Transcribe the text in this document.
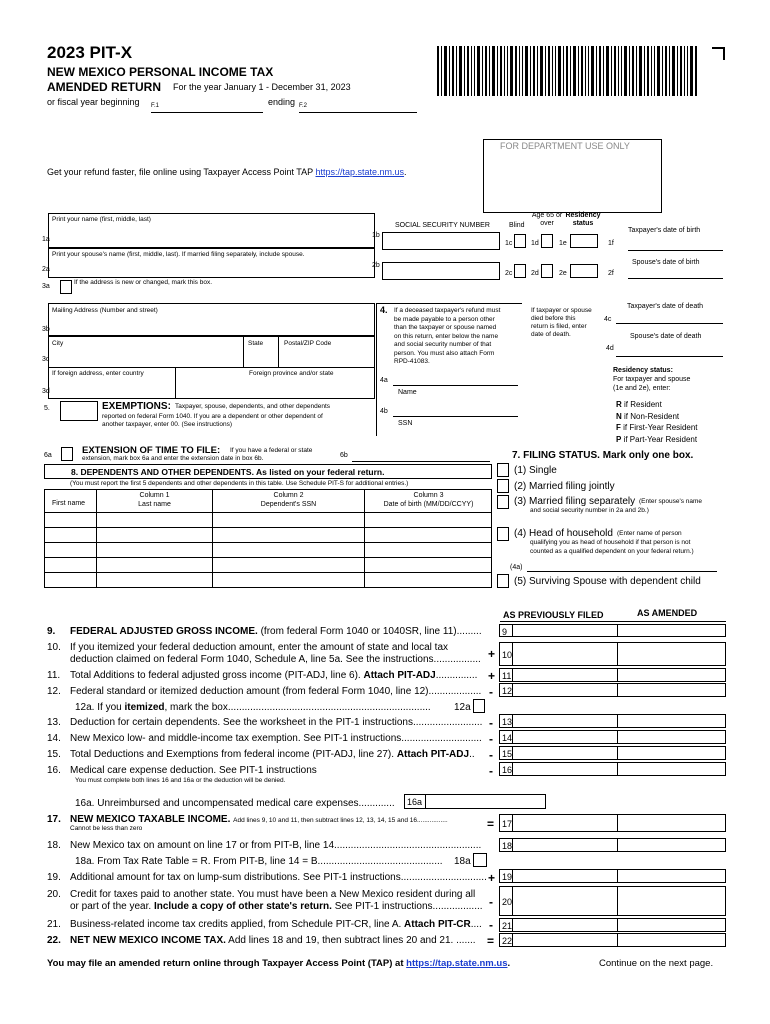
2023 PIT-X
NEW MEXICO PERSONAL INCOME TAX
AMENDED RETURN For the year January 1 - December 31, 2023
or fiscal year beginning F.1	ending F.2
FOR DEPARTMENT USE ONLY
Get your refund faster, file online using Taxpayer Access Point TAP https://tap.state.nm.us.
Print your name (first, middle, last)
1a
1b
SOCIAL SECURITY NUMBER	Blind
Age 65 or over
Residency status
Taxpayer's date of birth
1c	1d	1e	1f
Print your spouse's name (first, middle, last). If married filing separately, include spouse.
2a
2b
2c	2d	2e	2f
Spouse's date of birth
3a
If the address is new or changed, mark this box.
Mailing Address (Number and street)
3b
City	State	Postal/ZIP Code
3c
If foreign address, enter country	Foreign province and/or state
3d
4. If a deceased taxpayer's refund must
be made payable to a person other
than the taxpayer or spouse named
on this return, enter below the name
and social security number of that
person. You must also attach Form
RPD-41083.
If taxpayer or spouse
died before this
return is filed, enter
date of death.
4c
Taxpayer's date of death
Spouse's date of death
4d
4a
Name
4b
SSN
Residency status:
For taxpayer and spouse
(1e and 2e), enter:
R if Resident
N if Non-Resident
F if First-Year Resident
P if Part-Year Resident
5.	EXEMPTIONS: Taxpayer, spouse, dependents, and other dependents
reported on federal Form 1040. If you are a dependent or other dependent of
another taxpayer, enter 00. (See instructions)
6a	EXTENSION OF TIME TO FILE: If you have a federal or state
extension, mark box 6a and enter the extension date in box 6b.	6b
8. DEPENDENTS AND OTHER DEPENDENTS. As listed on your federal return.
(You must report the first 5 dependents and other dependents in this table. Use Schedule PIT-S for additional entries.)
First name
Column 1
Last name
Column 2
Dependent's SSN
Column 3
Date of birth (MM/DD/CCYY)
7. FILING STATUS. Mark only one box.
(1) Single
(2) Married filing jointly
(3) Married filing separately (Enter spouse's name
and social security number in 2a and 2b.)
(4) Head of household (Enter name of person
qualifying you as head of household if that person is not
counted as a qualified dependent on your federal return.)
(4a)
(5) Surviving Spouse with dependent child
AS PREVIOUSLY FILED	AS AMENDED
9
10
11
12
13
14
15
16
17
18
19
20
21
22
9. FEDERAL ADJUSTED GROSS INCOME. (from federal Form 1040 or 1040SR, line 11).........
10. If you itemized your federal deduction amount, enter the amount of state and local tax
deduction claimed on federal Form 1040, Schedule A, line 5a. See the instructions................. +
11. Total Additions to federal adjusted gross income (PIT-ADJ, line 6). Attach PIT-ADJ............... +
12. Federal standard or itemized deduction amount (from federal Form 1040, line 12)................... -
12a. If you itemized, mark the box......................................................................... 12a
13. Deduction for certain dependents. See the worksheet in the PIT-1 instructions......................... -
14. New Mexico low- and middle-income tax exemption. See PIT-1 instructions............................. -
15. Total Deductions and Exemptions from federal income (PIT-ADJ, line 27). Attach PIT-ADJ.. -
16. Medical care expense deduction. See PIT-1 instructions	-
You must complete both lines 16 and 16a or the deduction will be denied.
16a. Unreimbursed and uncompensated medical care expenses............. 16a
17. NEW MEXICO TAXABLE INCOME. Add lines 9, 10 and 11, then subtract lines 12, 13, 14, 15 and 16.................
Cannot be less than zero	=
18. New Mexico tax on amount on line 17 or from PIT-B, line 14.....................................................
18a. From Tax Rate Table = R. From PIT-B, line 14 = B............................................. 18a
19. Additional amount for tax on lump-sum distributions. See PIT-1 instructions............................... +
20. Credit for taxes paid to another state. You must have been a New Mexico resident during all
or part of the year. Include a copy of other state's return. See PIT-1 instructions.................. -
21. Business-related income tax credits applied, from Schedule PIT-CR, line A. Attach PIT-CR.... -
22. NET NEW MEXICO INCOME TAX. Add lines 18 and 19, then subtract lines 20 and 21. ....... =
You may file an amended return online through Taxpayer Access Point (TAP) at https://tap.state.nm.us.	Continue on the next page.
